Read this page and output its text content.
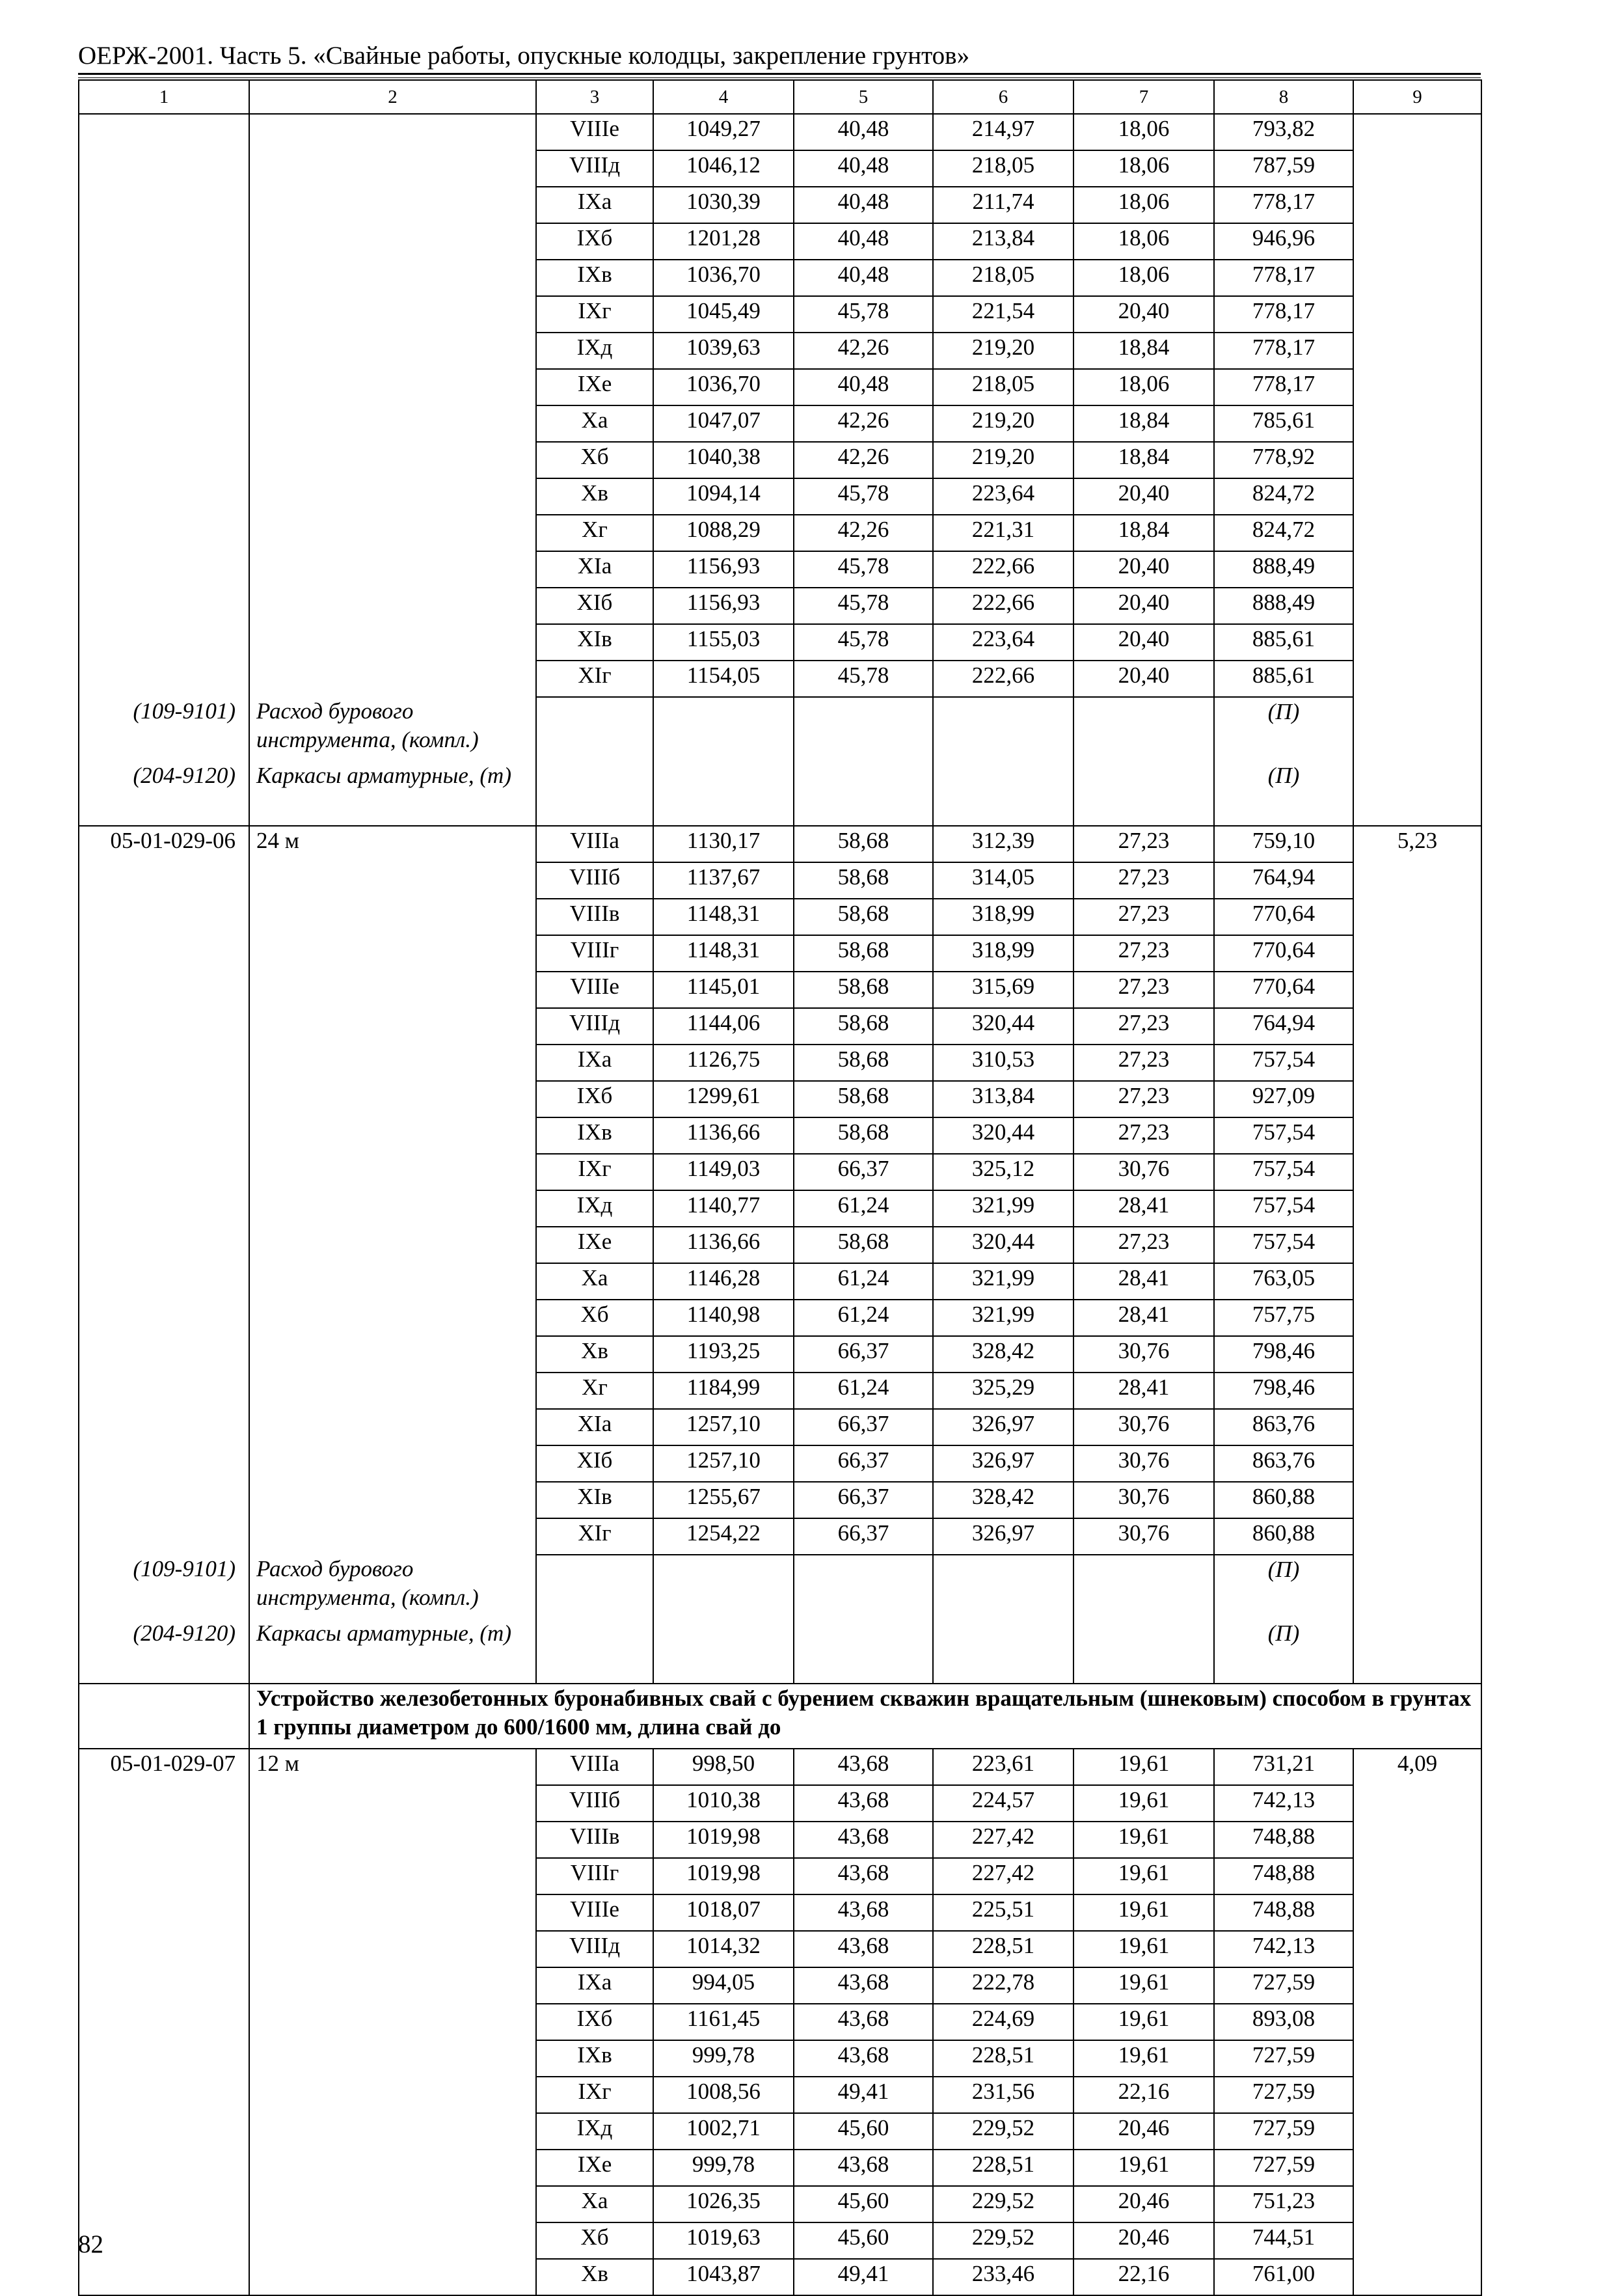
ОЕРЖ-2001. Часть 5. «Свайные работы, опускные колодцы, закрепление грунтов»
1	2	3	4	5	6	7	8	9
		VIIIе	1049,27	40,48	214,97	18,06	793,82	
		VIIIд	1046,12	40,48	218,05	18,06	787,59	
		IXа	1030,39	40,48	211,74	18,06	778,17	
		IXб	1201,28	40,48	213,84	18,06	946,96	
		IXв	1036,70	40,48	218,05	18,06	778,17	
		IXг	1045,49	45,78	221,54	20,40	778,17	
		IXд	1039,63	42,26	219,20	18,84	778,17	
		IXе	1036,70	40,48	218,05	18,06	778,17	
		Xа	1047,07	42,26	219,20	18,84	785,61	
		Xб	1040,38	42,26	219,20	18,84	778,92	
		Xв	1094,14	45,78	223,64	20,40	824,72	
		Xг	1088,29	42,26	221,31	18,84	824,72	
		XIа	1156,93	45,78	222,66	20,40	888,49	
		XIб	1156,93	45,78	222,66	20,40	888,49	
		XIв	1155,03	45,78	223,64	20,40	885,61	
		XIг	1154,05	45,78	222,66	20,40	885,61	
(109-9101)	Расход бурового инструмента, (компл.)						(П)	
(204-9120)	Каркасы арматурные, (т)						(П)	
05-01-029-06	24 м	VIIIа	1130,17	58,68	312,39	27,23	759,10	5,23
		VIIIб	1137,67	58,68	314,05	27,23	764,94	
		VIIIв	1148,31	58,68	318,99	27,23	770,64	
		VIIIг	1148,31	58,68	318,99	27,23	770,64	
		VIIIе	1145,01	58,68	315,69	27,23	770,64	
		VIIIд	1144,06	58,68	320,44	27,23	764,94	
		IXа	1126,75	58,68	310,53	27,23	757,54	
		IXб	1299,61	58,68	313,84	27,23	927,09	
		IXв	1136,66	58,68	320,44	27,23	757,54	
		IXг	1149,03	66,37	325,12	30,76	757,54	
		IXд	1140,77	61,24	321,99	28,41	757,54	
		IXе	1136,66	58,68	320,44	27,23	757,54	
		Xа	1146,28	61,24	321,99	28,41	763,05	
		Xб	1140,98	61,24	321,99	28,41	757,75	
		Xв	1193,25	66,37	328,42	30,76	798,46	
		Xг	1184,99	61,24	325,29	28,41	798,46	
		XIа	1257,10	66,37	326,97	30,76	863,76	
		XIб	1257,10	66,37	326,97	30,76	863,76	
		XIв	1255,67	66,37	328,42	30,76	860,88	
		XIг	1254,22	66,37	326,97	30,76	860,88	
(109-9101)	Расход бурового инструмента, (компл.)						(П)	
(204-9120)	Каркасы арматурные, (т)						(П)	
	Устройство железобетонных буронабивных свай с бурением скважин вращательным (шнековым) способом в грунтах 1 группы диаметром до 600/1600 мм, длина свай до							
05-01-029-07	12 м	VIIIа	998,50	43,68	223,61	19,61	731,21	4,09
		VIIIб	1010,38	43,68	224,57	19,61	742,13	
		VIIIв	1019,98	43,68	227,42	19,61	748,88	
		VIIIг	1019,98	43,68	227,42	19,61	748,88	
		VIIIе	1018,07	43,68	225,51	19,61	748,88	
		VIIIд	1014,32	43,68	228,51	19,61	742,13	
		IXа	994,05	43,68	222,78	19,61	727,59	
		IXб	1161,45	43,68	224,69	19,61	893,08	
		IXв	999,78	43,68	228,51	19,61	727,59	
		IXг	1008,56	49,41	231,56	22,16	727,59	
		IXд	1002,71	45,60	229,52	20,46	727,59	
		IXе	999,78	43,68	228,51	19,61	727,59	
		Xа	1026,35	45,60	229,52	20,46	751,23	
		Xб	1019,63	45,60	229,52	20,46	744,51	
		Xв	1043,87	49,41	233,46	22,16	761,00	
82
